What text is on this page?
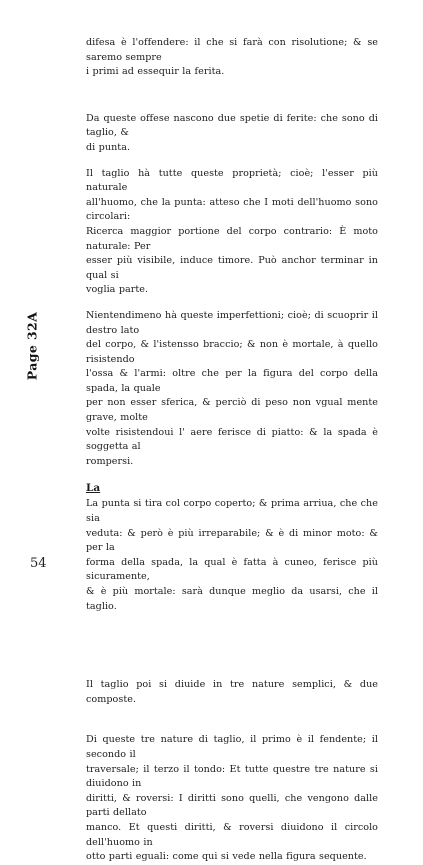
Page 32A

difesa è l'offendere: il che si farà con risolutione; & se saremo sempre
i primi ad essequir la ferita.

Da queste offese nascono due spetie di ferite: che sono di taglio, &
di punta.

Il taglio hà tutte queste proprietà; cioè; l'esser più naturale
all'huomo, che la punta: atteso che I moti dell'huomo sono circolari:
Ricerca maggior portione del corpo contrario: È moto naturale: Per
esser più visibile, induce timore. Può anchor terminar in qual si
voglia parte.

Nientendimeno hà queste imperfettioni; cioè; di scuoprir il destro lato
del corpo, & l'istensso braccio; & non è mortale, à quello risistendo
l'ossa & l'armi: oltre che per la figura del corpo della spada, la quale
per non esser sferica, & perciò di peso non vgual mente grave, molte
volte risistendoui l' aere ferisce di piatto: & la spada è soggetta al
rompersi.

La

La punta si tira col corpo coperto; & prima arriua, che che sia
veduta: & però è più irreparabile; & è di minor moto: & per la
forma della spada, la qual è fatta à cuneo, ferisce più sicuramente,
& è più mortale: sarà dunque meglio da usarsi, che il taglio.

Il taglio poi si diuide in tre nature semplici, & due composte.

Di queste tre nature di taglio, il primo è il fendente; il secondo il
traversale; il terzo il tondo: Et tutte questre tre nature si diuidono in
diritti, & roversi: I diritti sono quelli, che vengono dalle parti dellato
manco. Et questi diritti, & roversi diuidono il circolo dell'huomo in
otto parti eguali: come qui si vede nella figura sequente.

54
